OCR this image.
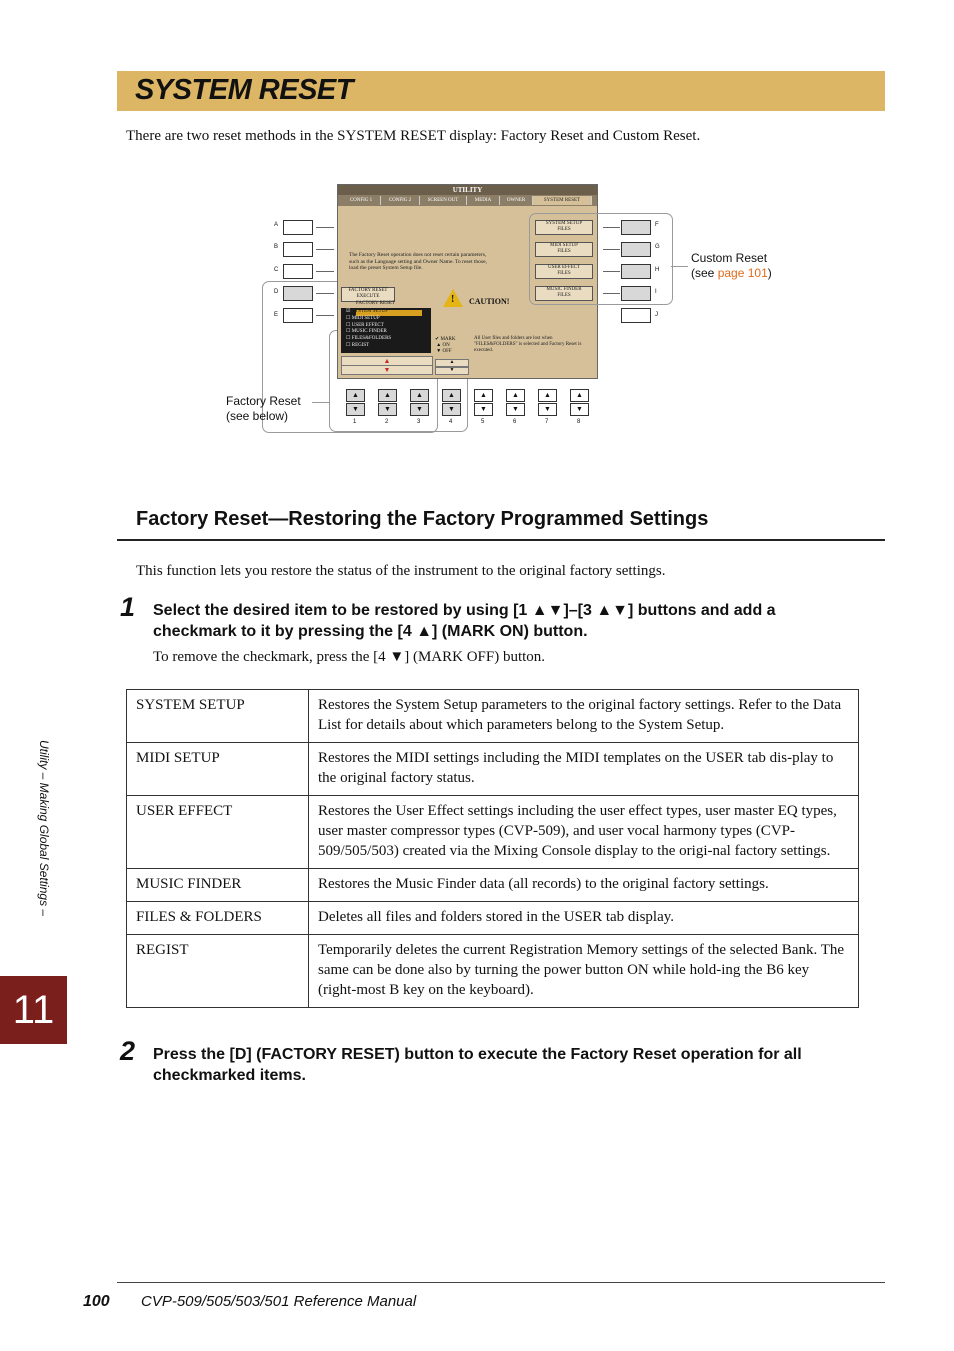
SYSTEM RESET
There are two reset methods in the SYSTEM RESET display: Factory Reset and Custom Reset.
A
B
C
D
E
UTILITY
CONFIG 1	CONFIG 2	SCREEN OUT	MEDIA	OWNER	SYSTEM RESET
The Factory Reset operation does not reset certain parameters, such as the Language setting and Owner Name. To reset those, load the preset System Setup file.
FACTORY RESET
EXECUTE
FACTORY RESET
☑ SYSTEM SETUP
☐ MIDI SETUP
☐ USER EFFECT
☐ MUSIC FINDER
☐ FILES&FOLDERS
☐ REGIST
▲
▼
✔ MARK
▲ ON
▼ OFF
▲
▼
! CAUTION!
All User files and folders are lost when "FILES&FOLDERS" is selected and Factory Reset is executed.
SYSTEM SETUP
FILES
MIDI SETUP
FILES
USER EFFECT
FILES
MUSIC FINDER
FILES
F
G
H
I
J
Custom Reset
(see page 101)
▲
▼
▲
▼
▲
▼
▲
▼
▲
▼
▲
▼
▲
▼
▲
▼
1	2	3	4	5	6	7	8
Factory Reset
(see below)
Factory Reset—Restoring the Factory Programmed Settings
This function lets you restore the status of the instrument to the original factory settings.
1 Select the desired item to be restored by using [1 ▲▼]–[3 ▲▼] buttons and add a
checkmark to it by pressing the [4 ▲] (MARK ON) button.
To remove the checkmark, press the [4 ▼] (MARK OFF) button.
SYSTEM SETUP	Restores the System Setup parameters to the original factory settings. Refer to the Data List for details about which parameters belong to the System Setup.
MIDI SETUP	Restores the MIDI settings including the MIDI templates on the USER tab dis-play to the original factory status.
USER EFFECT	Restores the User Effect settings including the user effect types, user master EQ types, user master compressor types (CVP-509), and user vocal harmony types (CVP-509/505/503) created via the Mixing Console display to the origi-nal factory settings.
MUSIC FINDER	Restores the Music Finder data (all records) to the original factory settings.
FILES & FOLDERS	Deletes all files and folders stored in the USER tab display.
REGIST	Temporarily deletes the current Registration Memory settings of the selected Bank. The same can be done also by turning the power button ON while hold-ing the B6 key (right-most B key on the keyboard).
2 Press the [D] (FACTORY RESET) button to execute the Factory Reset operation for all
checkmarked items.
Utility – Making Global Settings –
11
100 CVP-509/505/503/501 Reference Manual
